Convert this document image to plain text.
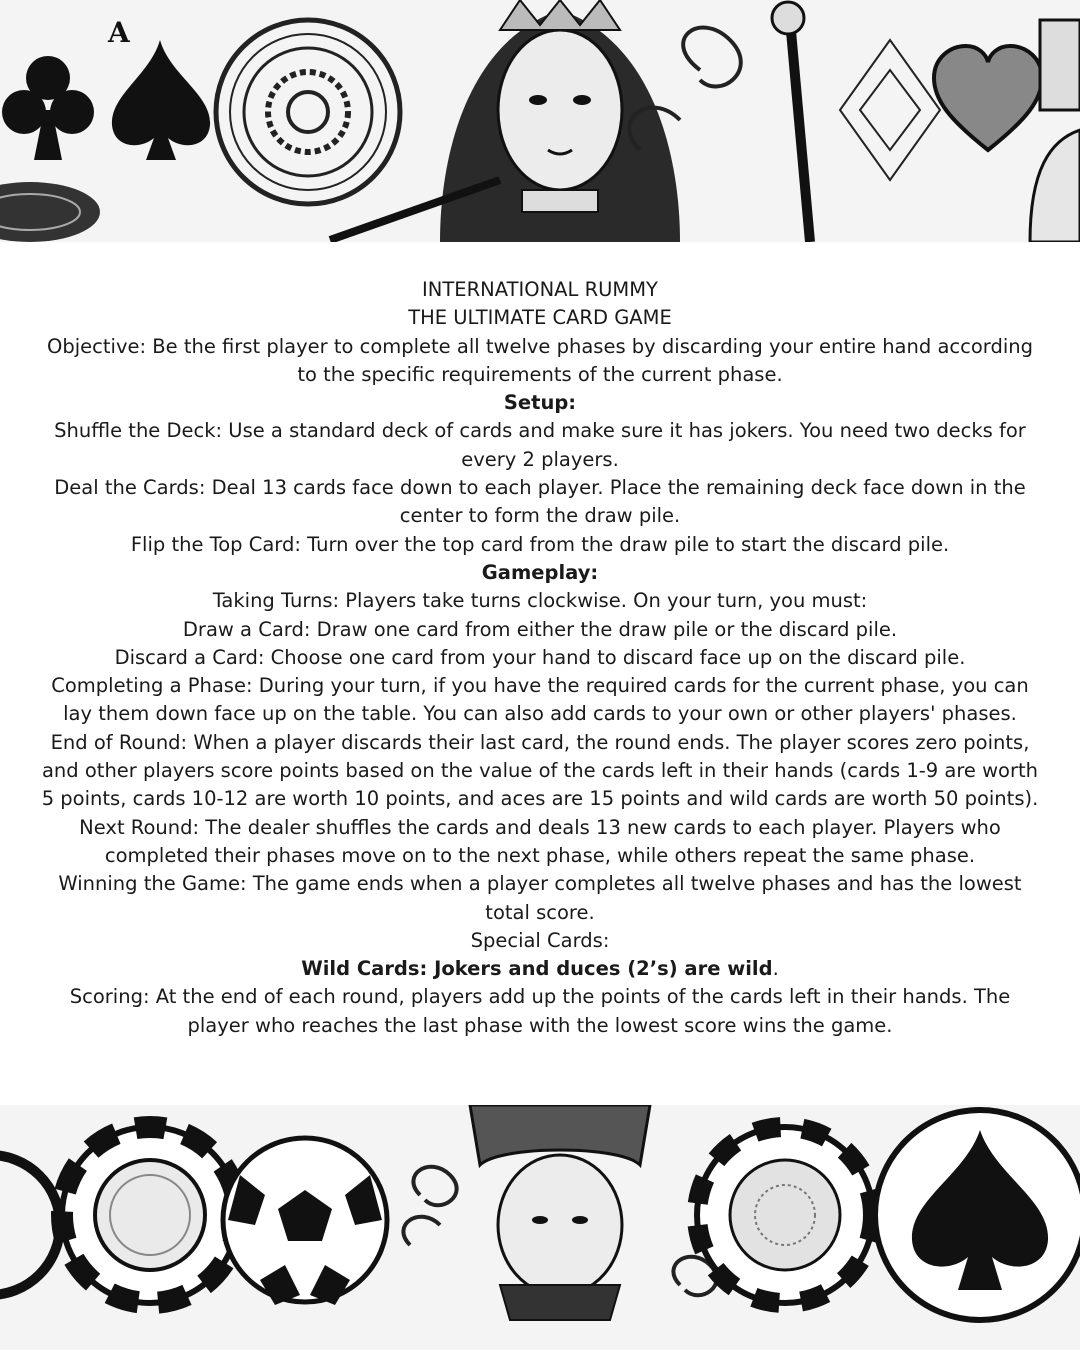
A

INTERNATIONAL RUMMY

THE ULTIMATE CARD GAME

Objective: Be the first player to complete all twelve phases by discarding your entire hand according to the specific requirements of the current phase.

Setup:

Shuffle the Deck: Use a standard deck of cards and make sure it has jokers. You need two decks for every 2 players.

Deal the Cards: Deal 13 cards face down to each player. Place the remaining deck face down in the center to form the draw pile.

Flip the Top Card: Turn over the top card from the draw pile to start the discard pile.

Gameplay:

Taking Turns: Players take turns clockwise. On your turn, you must:

Draw a Card: Draw one card from either the draw pile or the discard pile.

Discard a Card: Choose one card from your hand to discard face up on the discard pile.

Completing a Phase: During your turn, if you have the required cards for the current phase, you can lay them down face up on the table. You can also add cards to your own or other players' phases.

End of Round: When a player discards their last card, the round ends. The player scores zero points, and other players score points based on the value of the cards left in their hands (cards 1-9 are worth 5 points, cards 10-12 are worth 10 points, and aces are 15 points and wild cards are worth 50 points).

Next Round: The dealer shuffles the cards and deals 13 new cards to each player. Players who completed their phases move on to the next phase, while others repeat the same phase.

Winning the Game: The game ends when a player completes all twelve phases and has the lowest total score.

Special Cards:

Wild Cards: Jokers and duces (2’s) are wild.

Scoring: At the end of each round, players add up the points of the cards left in their hands. The player who reaches the last phase with the lowest score wins the game.
